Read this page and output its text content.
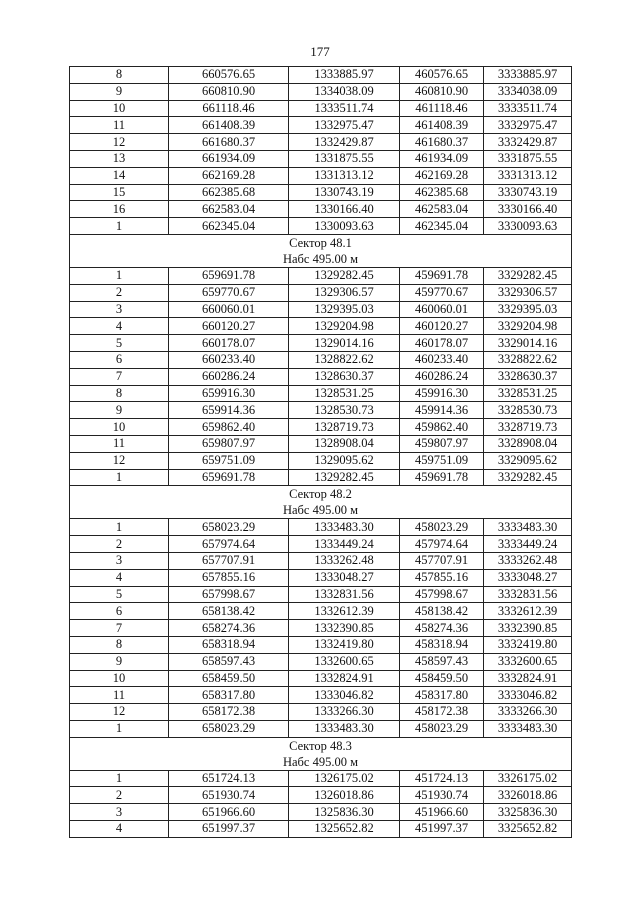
177
8	660576.65	1333885.97	460576.65	3333885.97
9	660810.90	1334038.09	460810.90	3334038.09
10	661118.46	1333511.74	461118.46	3333511.74
11	661408.39	1332975.47	461408.39	3332975.47
12	661680.37	1332429.87	461680.37	3332429.87
13	661934.09	1331875.55	461934.09	3331875.55
14	662169.28	1331313.12	462169.28	3331313.12
15	662385.68	1330743.19	462385.68	3330743.19
16	662583.04	1330166.40	462583.04	3330166.40
1	662345.04	1330093.63	462345.04	3330093.63

Сектор 48.1
Набс 495.00 м				

1	659691.78	1329282.45	459691.78	3329282.45
2	659770.67	1329306.57	459770.67	3329306.57
3	660060.01	1329395.03	460060.01	3329395.03
4	660120.27	1329204.98	460120.27	3329204.98
5	660178.07	1329014.16	460178.07	3329014.16
6	660233.40	1328822.62	460233.40	3328822.62
7	660286.24	1328630.37	460286.24	3328630.37
8	659916.30	1328531.25	459916.30	3328531.25
9	659914.36	1328530.73	459914.36	3328530.73
10	659862.40	1328719.73	459862.40	3328719.73
11	659807.97	1328908.04	459807.97	3328908.04
12	659751.09	1329095.62	459751.09	3329095.62
1	659691.78	1329282.45	459691.78	3329282.45

Сектор 48.2
Набс 495.00 м				

1	658023.29	1333483.30	458023.29	3333483.30
2	657974.64	1333449.24	457974.64	3333449.24
3	657707.91	1333262.48	457707.91	3333262.48
4	657855.16	1333048.27	457855.16	3333048.27
5	657998.67	1332831.56	457998.67	3332831.56
6	658138.42	1332612.39	458138.42	3332612.39
7	658274.36	1332390.85	458274.36	3332390.85
8	658318.94	1332419.80	458318.94	3332419.80
9	658597.43	1332600.65	458597.43	3332600.65
10	658459.50	1332824.91	458459.50	3332824.91
11	658317.80	1333046.82	458317.80	3333046.82
12	658172.38	1333266.30	458172.38	3333266.30
1	658023.29	1333483.30	458023.29	3333483.30

Сектор 48.3
Набс 495.00 м				

1	651724.13	1326175.02	451724.13	3326175.02
2	651930.74	1326018.86	451930.74	3326018.86
3	651966.60	1325836.30	451966.60	3325836.30
4	651997.37	1325652.82	451997.37	3325652.82
